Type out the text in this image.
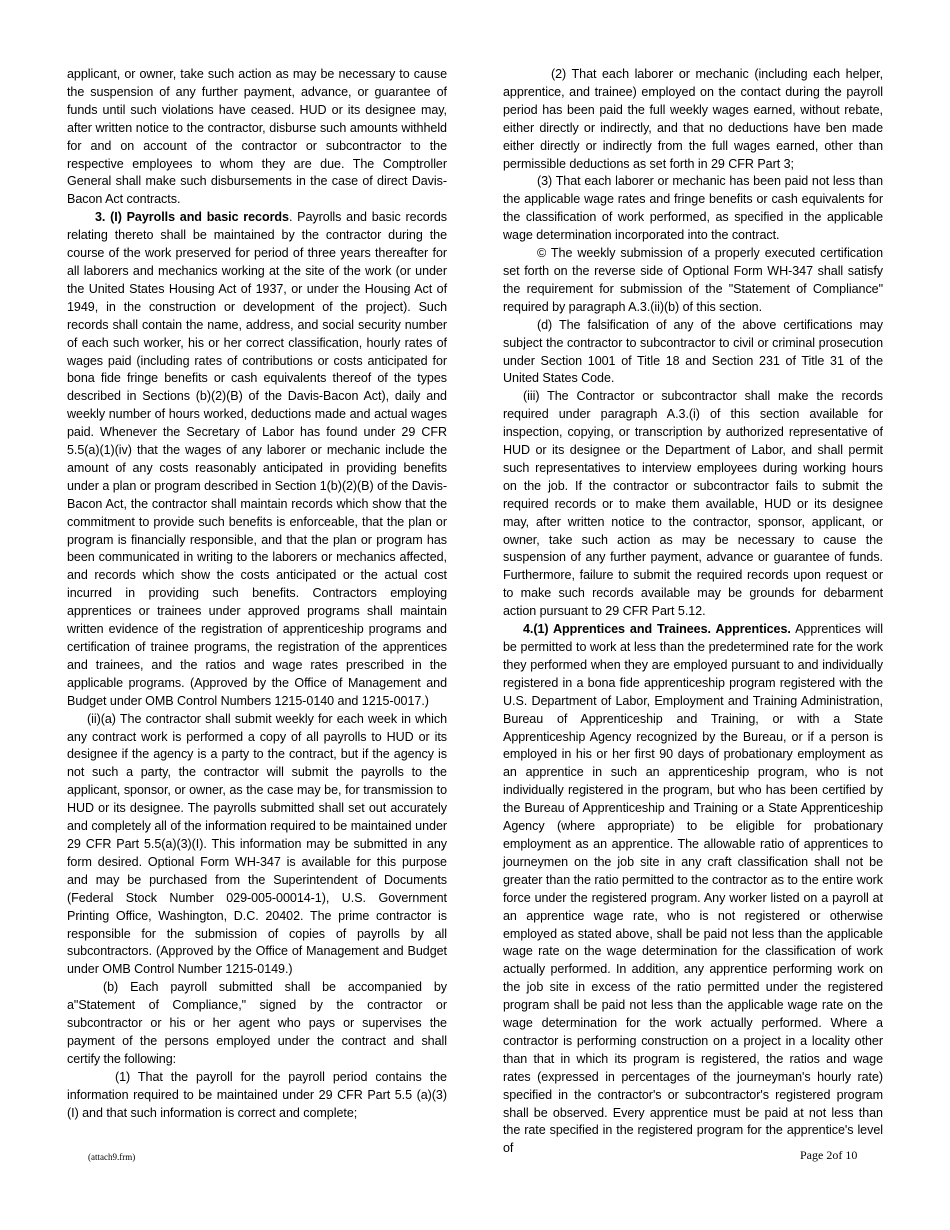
applicant, or owner, take such action as may be necessary to cause the suspension of any further payment, advance, or guarantee of funds until such violations have ceased. HUD or its designee may, after written notice to the contractor, disburse such amounts withheld for and on account of the contractor or subcontractor to the respective employees to whom they are due. The Comptroller General shall make such disbursements in the case of direct Davis-Bacon Act contracts.

3. (I) Payrolls and basic records. Payrolls and basic records relating thereto shall be maintained by the contractor during the course of the work preserved for period of three years thereafter for all laborers and mechanics working at the site of the work (or under the United States Housing Act of 1937, or under the Housing Act of 1949, in the construction or development of the project). Such records shall contain the name, address, and social security number of each such worker, his or her correct classification, hourly rates of wages paid (including rates of contributions or costs anticipated for bona fide fringe benefits or cash equivalents thereof of the types described in Sections (b)(2)(B) of the Davis-Bacon Act), daily and weekly number of hours worked, deductions made and actual wages paid. Whenever the Secretary of Labor has found under 29 CFR 5.5(a)(1)(iv) that the wages of any laborer or mechanic include the amount of any costs reasonably anticipated in providing benefits under a plan or program described in Section 1(b)(2)(B) of the Davis-Bacon Act, the contractor shall maintain records which show that the commitment to provide such benefits is enforceable, that the plan or program is financially responsible, and that the plan or program has been communicated in writing to the laborers or mechanics affected, and records which show the costs anticipated or the actual cost incurred in providing such benefits. Contractors employing apprentices or trainees under approved programs shall maintain written evidence of the registration of apprenticeship programs and certification of trainee programs, the registration of the apprentices and trainees, and the ratios and wage rates prescribed in the applicable programs. (Approved by the Office of Management and Budget under OMB Control Numbers 1215-0140 and 1215-0017.)

(ii)(a) The contractor shall submit weekly for each week in which any contract work is performed a copy of all payrolls to HUD or its designee if the agency is a party to the contract, but if the agency is not such a party, the contractor will submit the payrolls to the applicant, sponsor, or owner, as the case may be, for transmission to HUD or its designee. The payrolls submitted shall set out accurately and completely all of the information required to be maintained under 29 CFR Part 5.5(a)(3)(I). This information may be submitted in any form desired. Optional Form WH-347 is available for this purpose and may be purchased from the Superintendent of Documents (Federal Stock Number 029-005-00014-1), U.S. Government Printing Office, Washington, D.C. 20402. The prime contractor is responsible for the submission of copies of payrolls by all subcontractors. (Approved by the Office of Management and Budget under OMB Control Number 1215-0149.)

(b) Each payroll submitted shall be accompanied by a"Statement of Compliance," signed by the contractor or subcontractor or his or her agent who pays or supervises the payment of the persons employed under the contract and shall certify the following:

(1) That the payroll for the payroll period contains the information required to be maintained under 29 CFR Part 5.5 (a)(3)(I) and that such information is correct and complete;

(2) That each laborer or mechanic (including each helper, apprentice, and trainee) employed on the contact during the payroll period has been paid the full weekly wages earned, without rebate, either directly or indirectly, and that no deductions have ben made either directly or indirectly from the full wages earned, other than permissible deductions as set forth in 29 CFR Part 3;

(3) That each laborer or mechanic has been paid not less than the applicable wage rates and fringe benefits or cash equivalents for the classification of work performed, as specified in the applicable wage determination incorporated into the contract.

© The weekly submission of a properly executed certification set forth on the reverse side of Optional Form WH-347 shall satisfy the requirement for submission of the "Statement of Compliance" required by paragraph A.3.(ii)(b) of this section.

(d) The falsification of any of the above certifications may subject the contractor to subcontractor to civil or criminal prosecution under Section 1001 of Title 18 and Section 231 of Title 31 of the United States Code.

(iii) The Contractor or subcontractor shall make the records required under paragraph A.3.(i) of this section available for inspection, copying, or transcription by authorized representative of HUD or its designee or the Department of Labor, and shall permit such representatives to interview employees during working hours on the job. If the contractor or subcontractor fails to submit the required records or to make them available, HUD or its designee may, after written notice to the contractor, sponsor, applicant, or owner, take such action as may be necessary to cause the suspension of any further payment, advance or guarantee of funds. Furthermore, failure to submit the required records upon request or to make such records available may be grounds for debarment action pursuant to 29 CFR Part 5.12.

4.(1) Apprentices and Trainees. Apprentices. Apprentices will be permitted to work at less than the predetermined rate for the work they performed when they are employed pursuant to and individually registered in a bona fide apprenticeship program registered with the U.S. Department of Labor, Employment and Training Administration, Bureau of Apprenticeship and Training, or with a State Apprenticeship Agency recognized by the Bureau, or if a person is employed in his or her first 90 days of probationary employment as an apprentice in such an apprenticeship program, who is not individually registered in the program, but who has been certified by the Bureau of Apprenticeship and Training or a State Apprenticeship Agency (where appropriate) to be eligible for probationary employment as an apprentice. The allowable ratio of apprentices to journeymen on the job site in any craft classification shall not be greater than the ratio permitted to the contractor as to the entire work force under the registered program. Any worker listed on a payroll at an apprentice wage rate, who is not registered or otherwise employed as stated above, shall be paid not less than the applicable wage rate on the wage determination for the classification of work actually performed. In addition, any apprentice performing work on the job site in excess of the ratio permitted under the registered program shall be paid not less than the applicable wage rate on the wage determination for the work actually performed. Where a contractor is performing construction on a project in a locality other than that in which its program is registered, the ratios and wage rates (expressed in percentages of the journeyman's hourly rate) specified in the contractor's or subcontractor's registered program shall be observed. Every apprentice must be paid at not less than the rate specified in the registered program for the apprentice's level of

(attach9.frm)	Page 2of 10
